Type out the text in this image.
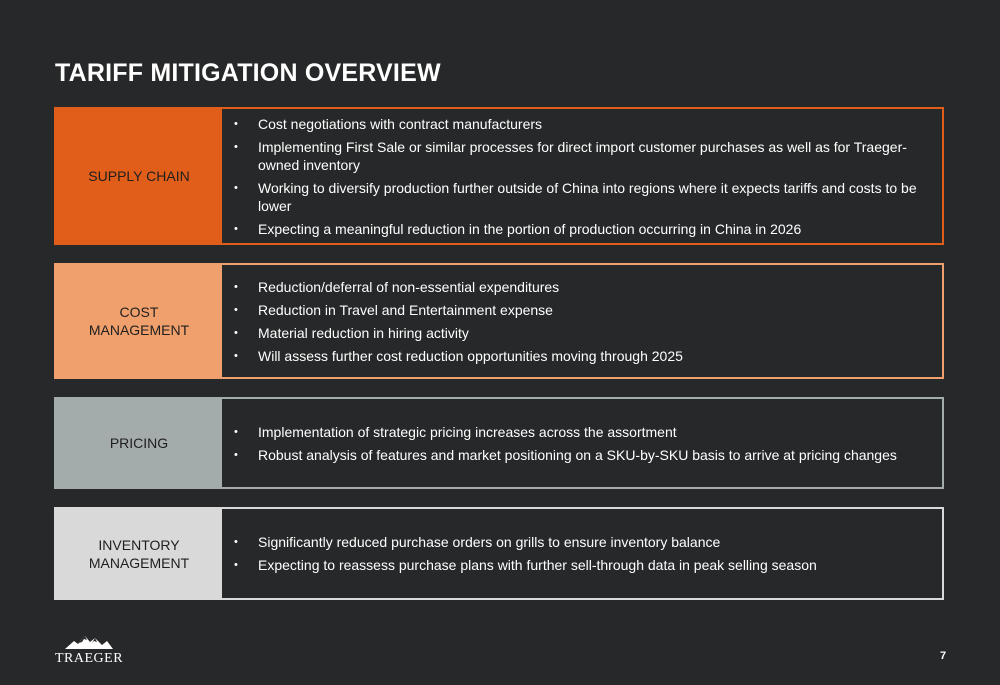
TARIFF MITIGATION OVERVIEW
SUPPLY CHAIN
• Cost negotiations with contract manufacturers
• Implementing First Sale or similar processes for direct import customer purchases as well as for Traeger-owned inventory
• Working to diversify production further outside of China into regions where it expects tariffs and costs to be lower
• Expecting a meaningful reduction in the portion of production occurring in China in 2026
COST
MANAGEMENT
• Reduction/deferral of non-essential expenditures
• Reduction in Travel and Entertainment expense
• Material reduction in hiring activity
• Will assess further cost reduction opportunities moving through 2025
PRICING
• Implementation of strategic pricing increases across the assortment
• Robust analysis of features and market positioning on a SKU-by-SKU basis to arrive at pricing changes
INVENTORY
MANAGEMENT
• Significantly reduced purchase orders on grills to ensure inventory balance
• Expecting to reassess purchase plans with further sell-through data in peak selling season
TRAEGER	7
